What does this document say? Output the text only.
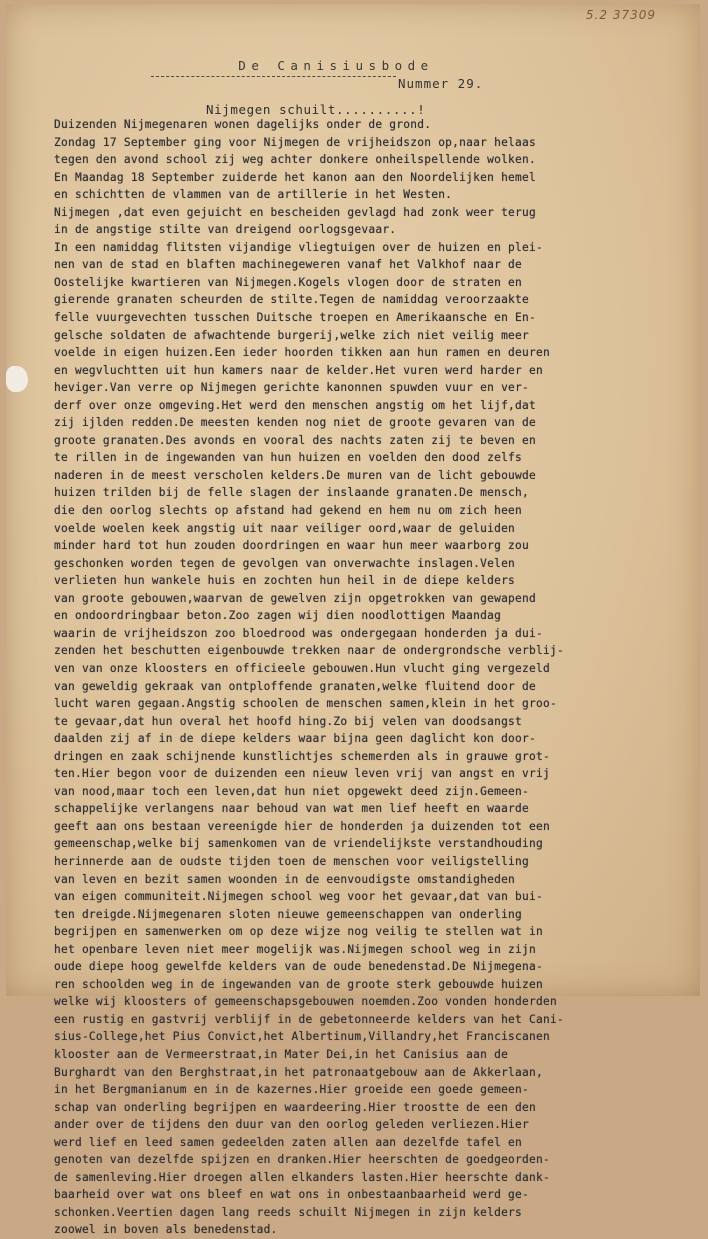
5.2 37309
De Canisiusbode
Nummer 29.
Nijmegen schuilt..........!
Duizenden Nijmegenaren wonen dagelijks onder de grond.
Zondag 17 September ging voor Nijmegen de vrijheidszon op,naar helaas
tegen den avond school zij weg achter donkere onheilspellende wolken.
En Maandag 18 September zuiderde het kanon aan den Noordelijken hemel
en schichtten de vlammen van de artillerie in het Westen.
Nijmegen ,dat even gejuicht en bescheiden gevlagd had zonk weer terug
in de angstige stilte van dreigend oorlogsgevaar.
In een namiddag flitsten vijandige vliegtuigen over de huizen en plei-
nen van de stad en blaften machinegeweren vanaf het Valkhof naar de
Oostelijke kwartieren van Nijmegen.Kogels vlogen door de straten en
gierende granaten scheurden de stilte.Tegen de namiddag veroorzaakte
felle vuurgevechten tusschen Duitsche troepen en Amerikaansche en En-
gelsche soldaten de afwachtende burgerij,welke zich niet veilig meer
voelde in eigen huizen.Een ieder hoorden tikken aan hun ramen en deuren
en wegvluchtten uit hun kamers naar de kelder.Het vuren werd harder en
heviger.Van verre op Nijmegen gerichte kanonnen spuwden vuur en ver-
derf over onze omgeving.Het werd den menschen angstig om het lijf,dat
zij ijlden redden.De meesten kenden nog niet de groote gevaren van de
groote granaten.Des avonds en vooral des nachts zaten zij te beven en
te rillen in de ingewanden van hun huizen en voelden den dood zelfs
naderen in de meest verscholen kelders.De muren van de licht gebouwde
huizen trilden bij de felle slagen der inslaande granaten.De mensch,
die den oorlog slechts op afstand had gekend en hem nu om zich heen
voelde woelen keek angstig uit naar veiliger oord,waar de geluiden
minder hard tot hun zouden doordringen en waar hun meer waarborg zou
geschonken worden tegen de gevolgen van onverwachte inslagen.Velen
verlieten hun wankele huis en zochten hun heil in de diepe kelders
van groote gebouwen,waarvan de gewelven zijn opgetrokken van gewapend
en ondoordringbaar beton.Zoo zagen wij dien noodlottigen Maandag
waarin de vrijheidszon zoo bloedrood was ondergegaan honderden ja dui-
zenden het beschutten eigenbouwde trekken naar de ondergrondsche verblij-
ven van onze kloosters en officieele gebouwen.Hun vlucht ging vergezeld
van geweldig gekraak van ontploffende granaten,welke fluitend door de
lucht waren gegaan.Angstig schoolen de menschen samen,klein in het groo-
te gevaar,dat hun overal het hoofd hing.Zo bij velen van doodsangst
daalden zij af in de diepe kelders waar bijna geen daglicht kon door-
dringen en zaak schijnende kunstlichtjes schemerden als in grauwe grot-
ten.Hier begon voor de duizenden een nieuw leven vrij van angst en vrij
van nood,maar toch een leven,dat hun niet opgewekt deed zijn.Gemeen-
schappelijke verlangens naar behoud van wat men lief heeft en waarde
geeft aan ons bestaan vereenigde hier de honderden ja duizenden tot een
gemeenschap,welke bij samenkomen van de vriendelijkste verstandhouding
herinnerde aan de oudste tijden toen de menschen voor veiligstelling
van leven en bezit samen woonden in de eenvoudigste omstandigheden
van eigen communiteit.Nijmegen school weg voor het gevaar,dat van bui-
ten dreigde.Nijmegenaren sloten nieuwe gemeenschappen van onderling
begrijpen en samenwerken om op deze wijze nog veilig te stellen wat in
het openbare leven niet meer mogelijk was.Nijmegen school weg in zijn
oude diepe hoog gewelfde kelders van de oude benedenstad.De Nijmegena-
ren schoolden weg in de ingewanden van de groote sterk gebouwde huizen
welke wij kloosters of gemeenschapsgebouwen noemden.Zoo vonden honderden
een rustig en gastvrij verblijf in de gebetonneerde kelders van het Cani-
sius-College,het Pius Convict,het Albertinum,Villandry,het Franciscanen
klooster aan de Vermeerstraat,in Mater Dei,in het Canisius aan de
Burghardt van den Berghstraat,in het patronaatgebouw aan de Akkerlaan,
in het Bergmanianum en in de kazernes.Hier groeide een goede gemeen-
schap van onderling begrijpen en waardeering.Hier troostte de een den
ander over de tijdens den duur van den oorlog geleden verliezen.Hier
werd lief en leed samen gedeelden zaten allen aan dezelfde tafel en
genoten van dezelfde spijzen en dranken.Hier heerschten de goedgeorden-
de samenleving.Hier droegen allen elkanders lasten.Hier heerschte dank-
baarheid over wat ons bleef en wat ons in onbestaanbaarheid werd ge-
schonken.Veertien dagen lang reeds schuilt Nijmegen in zijn kelders
zoowel in boven als benedenstad.
